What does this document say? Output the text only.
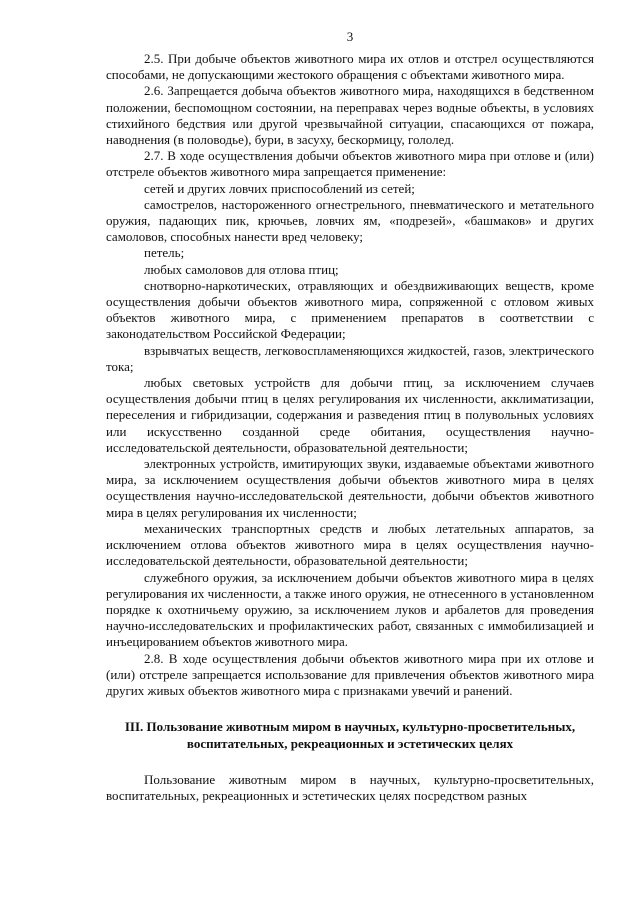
3

2.5. При добыче объектов животного мира их отлов и отстрел осуществляются способами, не допускающими жестокого обращения с объектами животного мира.

2.6. Запрещается добыча объектов животного мира, находящихся в бедственном положении, беспомощном состоянии, на переправах через водные объекты, в условиях стихийного бедствия или другой чрезвычайной ситуации, спасающихся от пожара, наводнения (в половодье), бури, в засуху, бескормицу, гололед.

2.7. В ходе осуществления добычи объектов животного мира при отлове и (или) отстреле объектов животного мира запрещается применение:

сетей и других ловчих приспособлений из сетей;

самострелов, настороженного огнестрельного, пневматического и метательного оружия, падающих пик, крючьев, ловчих ям, «подрезей», «башмаков» и других самоловов, способных нанести вред человеку;

петель;

любых самоловов для отлова птиц;

снотворно-наркотических, отравляющих и обездвиживающих веществ, кроме осуществления добычи объектов животного мира, сопряженной с отловом живых объектов животного мира, с применением препаратов в соответствии с законодательством Российской Федерации;

взрывчатых веществ, легковоспламеняющихся жидкостей, газов, электрического тока;

любых световых устройств для добычи птиц, за исключением случаев осуществления добычи птиц в целях регулирования их численности, акклиматизации, переселения и гибридизации, содержания и разведения птиц в полувольных условиях или искусственно созданной среде обитания, осуществления научно-исследовательской деятельности, образовательной деятельности;

электронных устройств, имитирующих звуки, издаваемые объектами животного мира, за исключением осуществления добычи объектов животного мира в целях осуществления научно-исследовательской деятельности, добычи объектов животного мира в целях регулирования их численности;

механических транспортных средств и любых летательных аппаратов, за исключением отлова объектов животного мира в целях осуществления научно-исследовательской деятельности, образовательной деятельности;

служебного оружия, за исключением добычи объектов животного мира в целях регулирования их численности, а также иного оружия, не отнесенного в установленном порядке к охотничьему оружию, за исключением луков и арбалетов для проведения научно-исследовательских и профилактических работ, связанных с иммобилизацией и инъецированием объектов животного мира.

2.8. В ходе осуществления добычи объектов животного мира при их отлове и (или) отстреле запрещается использование для привлечения объектов животного мира других живых объектов животного мира с признаками увечий и ранений.

III. Пользование животным миром в научных, культурно-просветительных, воспитательных, рекреационных и эстетических целях

Пользование животным миром в научных, культурно-просветительных, воспитательных, рекреационных и эстетических целях посредством разных
